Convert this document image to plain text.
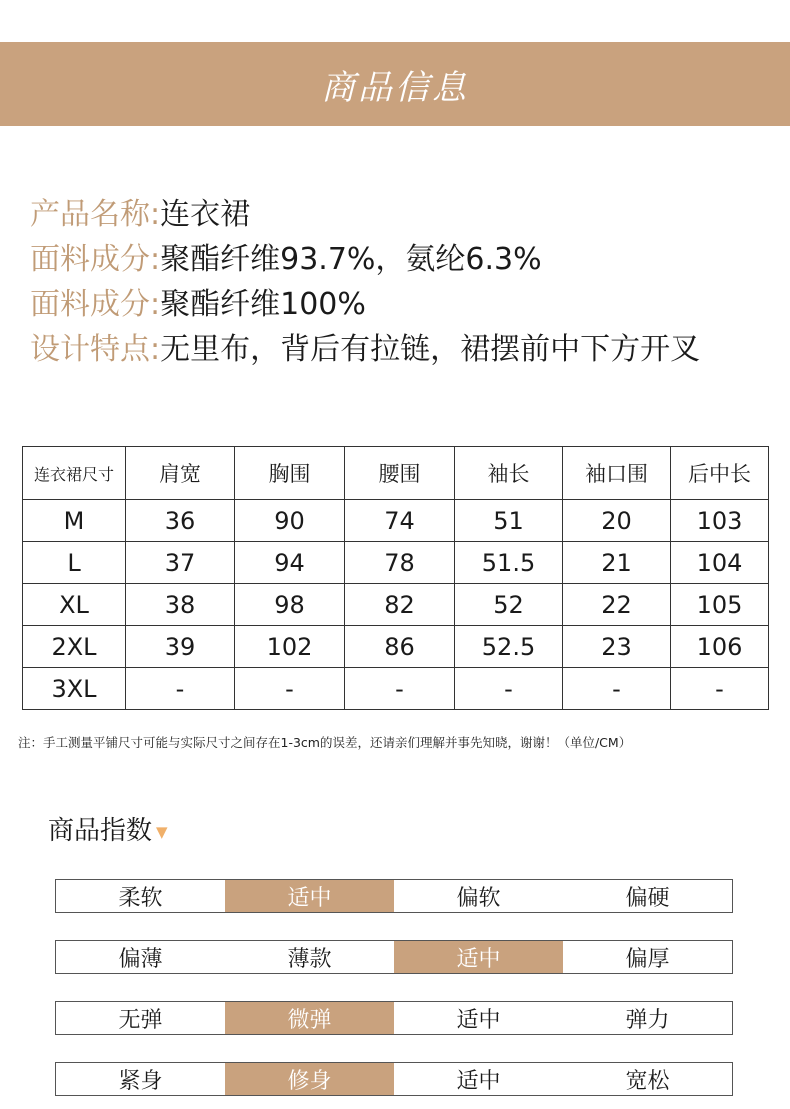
商品信息
产品名称: 连衣裙
面料成分: 聚酯纤维93.7%，氨纶6.3%
面料成分: 聚酯纤维100%
设计特点: 无里布，背后有拉链，裙摆前中下方开叉
连衣裙尺寸	肩宽	胸围	腰围	袖长	袖口围	后中长
M	36	90	74	51	20	103
L	37	94	78	51.5	21	104
XL	38	98	82	52	22	105
2XL	39	102	86	52.5	23	106
3XL	-	-	-	-	-	-
注：手工测量平铺尺寸可能与实际尺寸之间存在1-3cm的误差，还请亲们理解并事先知晓，谢谢！（单位/CM）
商品指数 ▼
柔软	适中	偏软	偏硬
偏薄	薄款	适中	偏厚
无弹	微弹	适中	弹力
紧身	修身	适中	宽松
